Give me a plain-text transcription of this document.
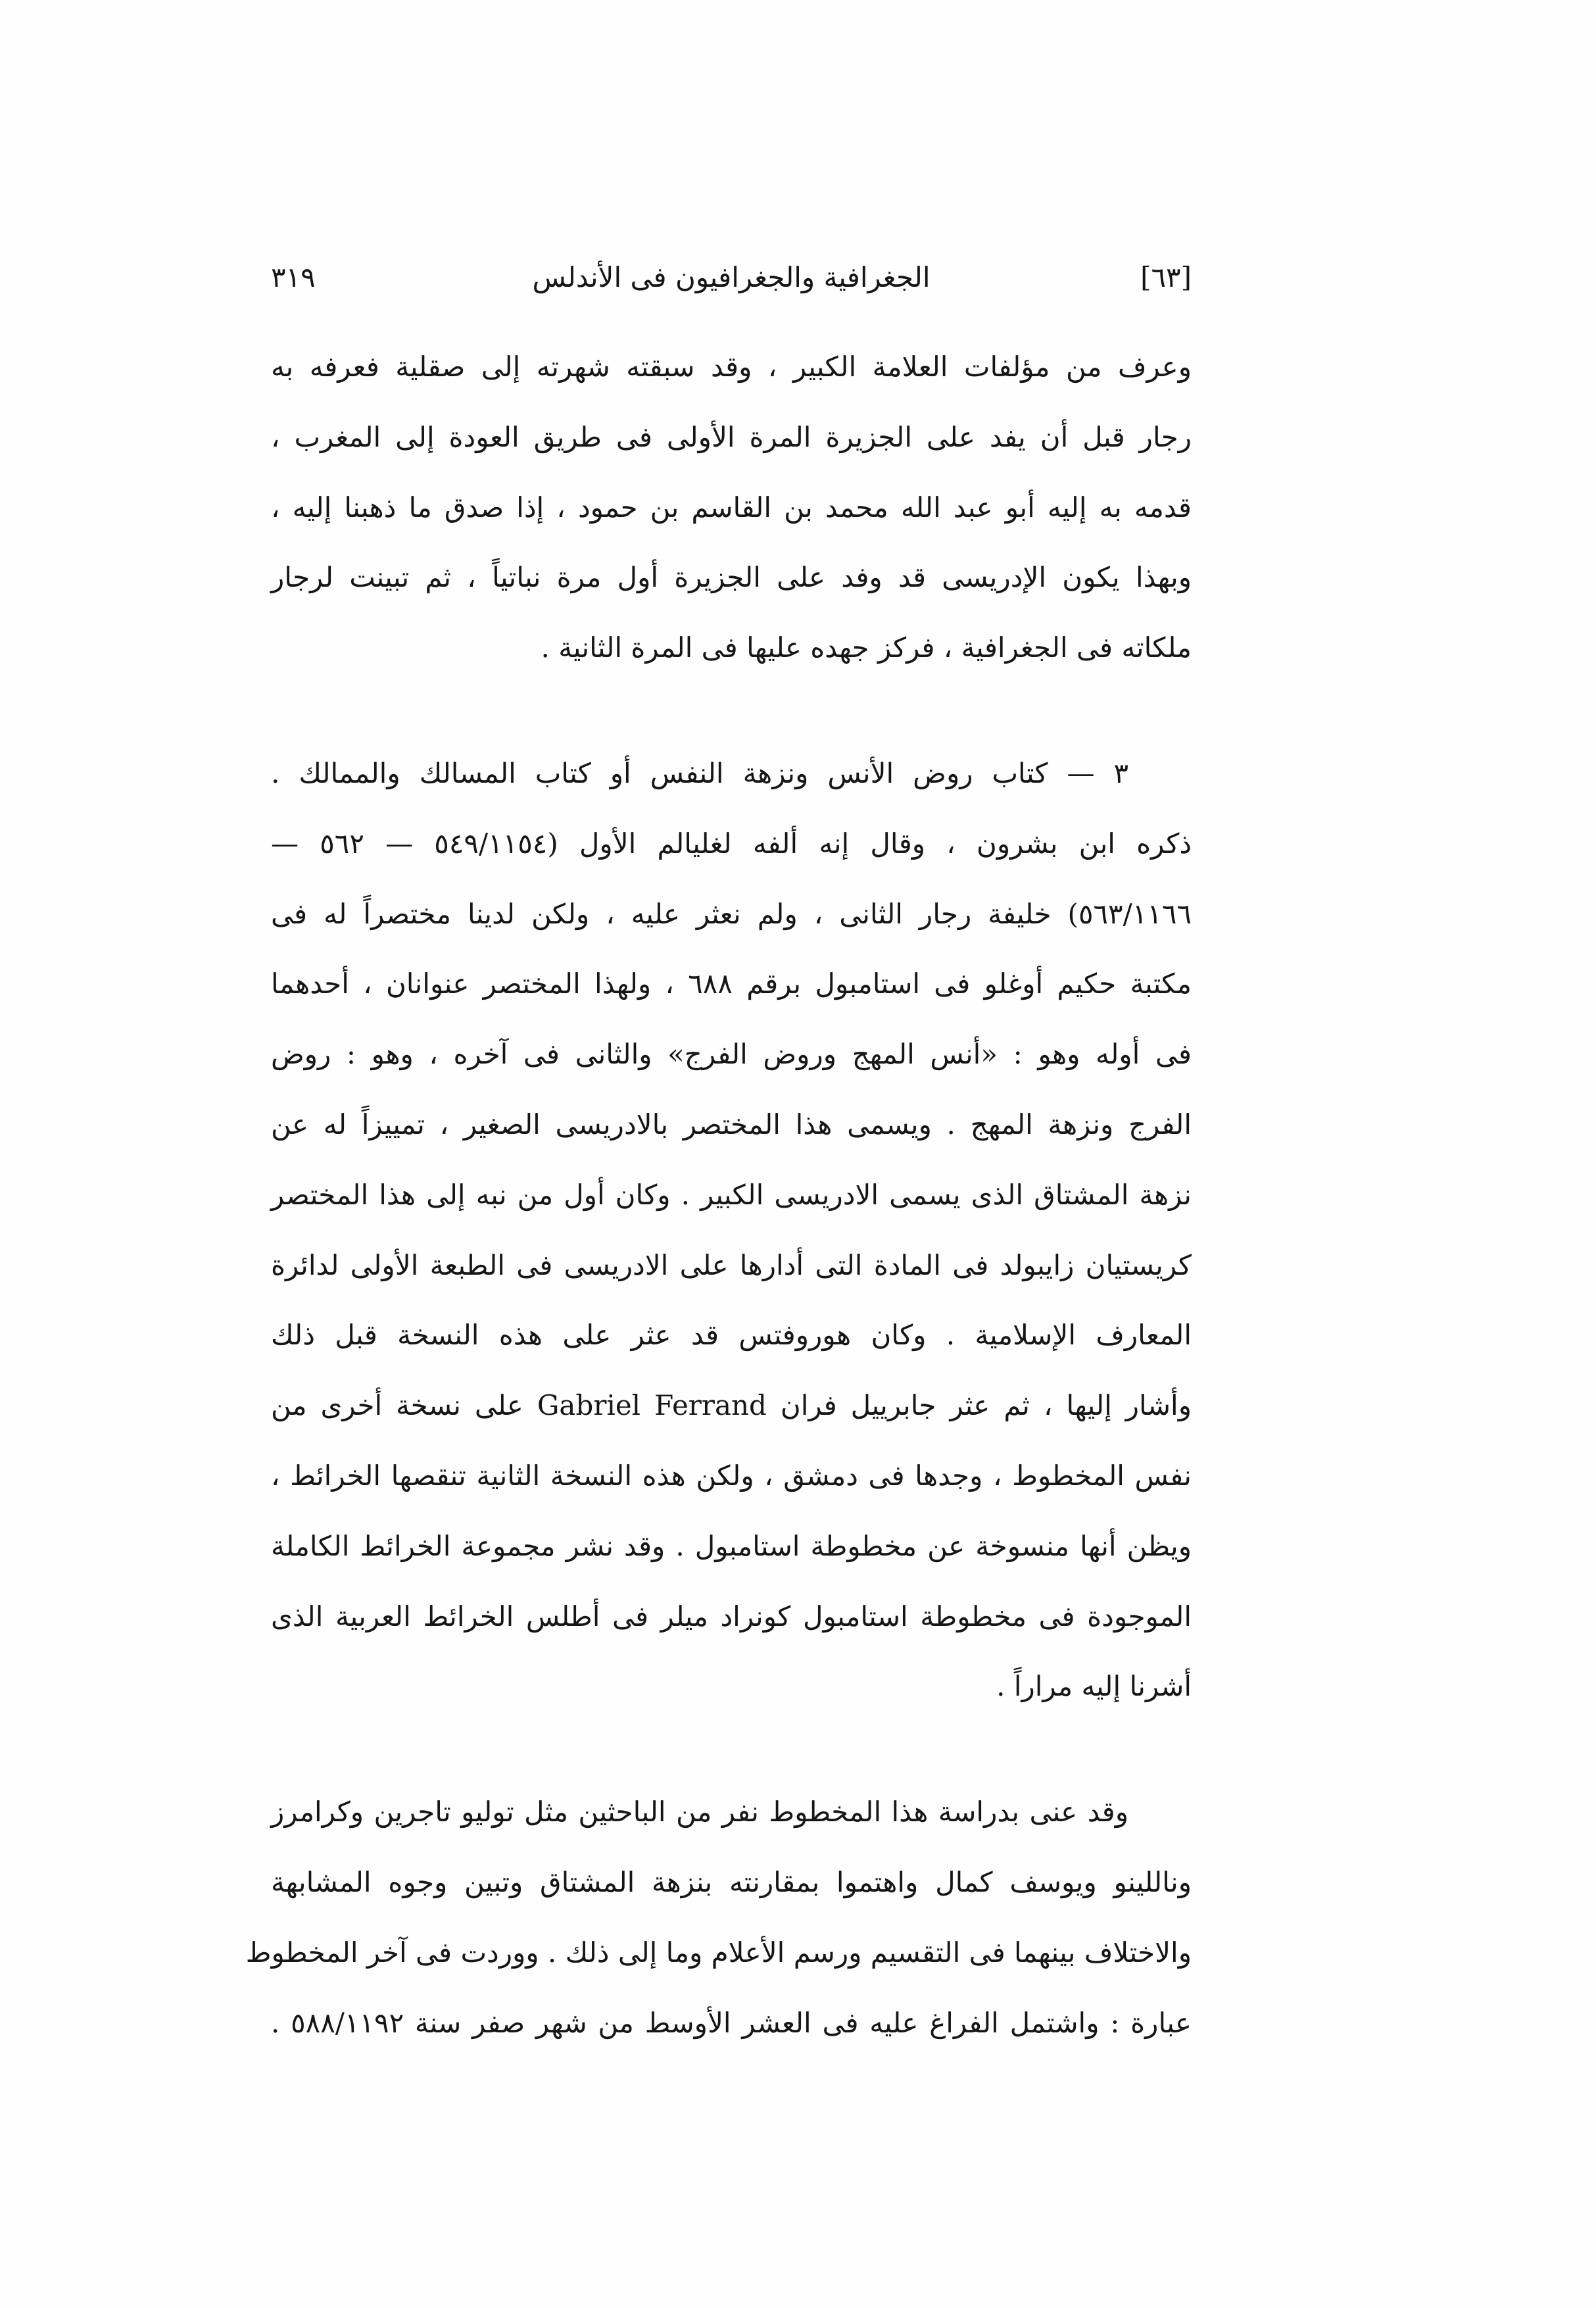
[٦٣]
الجغرافية والجغرافيون فى الأندلس
٣١٩
وعرف من مؤلفات العلامة الكبير ، وقد سبقته شهرته إلى صقلية فعرفه به
رجار قبل أن يفد على الجزيرة المرة الأولى فى طريق العودة إلى المغرب ،
قدمه به إليه أبو عبد الله محمد بن القاسم بن حمود ، إذا صدق ما ذهبنا إليه ،
وبهذا يكون الإدريسى قد وفد على الجزيرة أول مرة نباتياً ، ثم تبينت لرجار
ملكاته فى الجغرافية ، فركز جهده عليها فى المرة الثانية .
٣ — كتاب روض الأنس ونزهة النفس أو كتاب المسالك والممالك .
ذكره ابن بشرون ، وقال إنه ألفه لغليالم الأول (٥٤٩/١١٥٤ — ٥٦٢ —
٥٦٣/١١٦٦) خليفة رجار الثانى ، ولم نعثر عليه ، ولكن لدينا مختصراً له فى
مكتبة حكيم أوغلو فى استامبول برقم ٦٨٨ ، ولهذا المختصر عنوانان ، أحدهما
فى أوله وهو : «أنس المهج وروض الفرج» والثانى فى آخره ، وهو : روض
الفرج ونزهة المهج . ويسمى هذا المختصر بالادريسى الصغير ، تمييزاً له عن
نزهة المشتاق الذى يسمى الادريسى الكبير . وكان أول من نبه إلى هذا المختصر
كريستيان زايبولد فى المادة التى أدارها على الادريسى فى الطبعة الأولى لدائرة
المعارف الإسلامية . وكان هوروفتس قد عثر على هذه النسخة قبل ذلك
وأشار إليها ، ثم عثر جابرييل فران Gabriel Ferrand على نسخة أخرى من
نفس المخطوط ، وجدها فى دمشق ، ولكن هذه النسخة الثانية تنقصها الخرائط ،
ويظن أنها منسوخة عن مخطوطة استامبول . وقد نشر مجموعة الخرائط الكاملة
الموجودة فى مخطوطة استامبول كونراد ميلر فى أطلس الخرائط العربية الذى
أشرنا إليه مراراً .
وقد عنى بدراسة هذا المخطوط نفر من الباحثين مثل توليو تاجرين وكرامرز
وناللينو ويوسف كمال واهتموا بمقارنته بنزهة المشتاق وتبين وجوه المشابهة
والاختلاف بينهما فى التقسيم ورسم الأعلام وما إلى ذلك . ووردت فى آخر المخطوط
عبارة : واشتمل الفراغ عليه فى العشر الأوسط من شهر صفر سنة ٥٨٨/١١٩٢ .
